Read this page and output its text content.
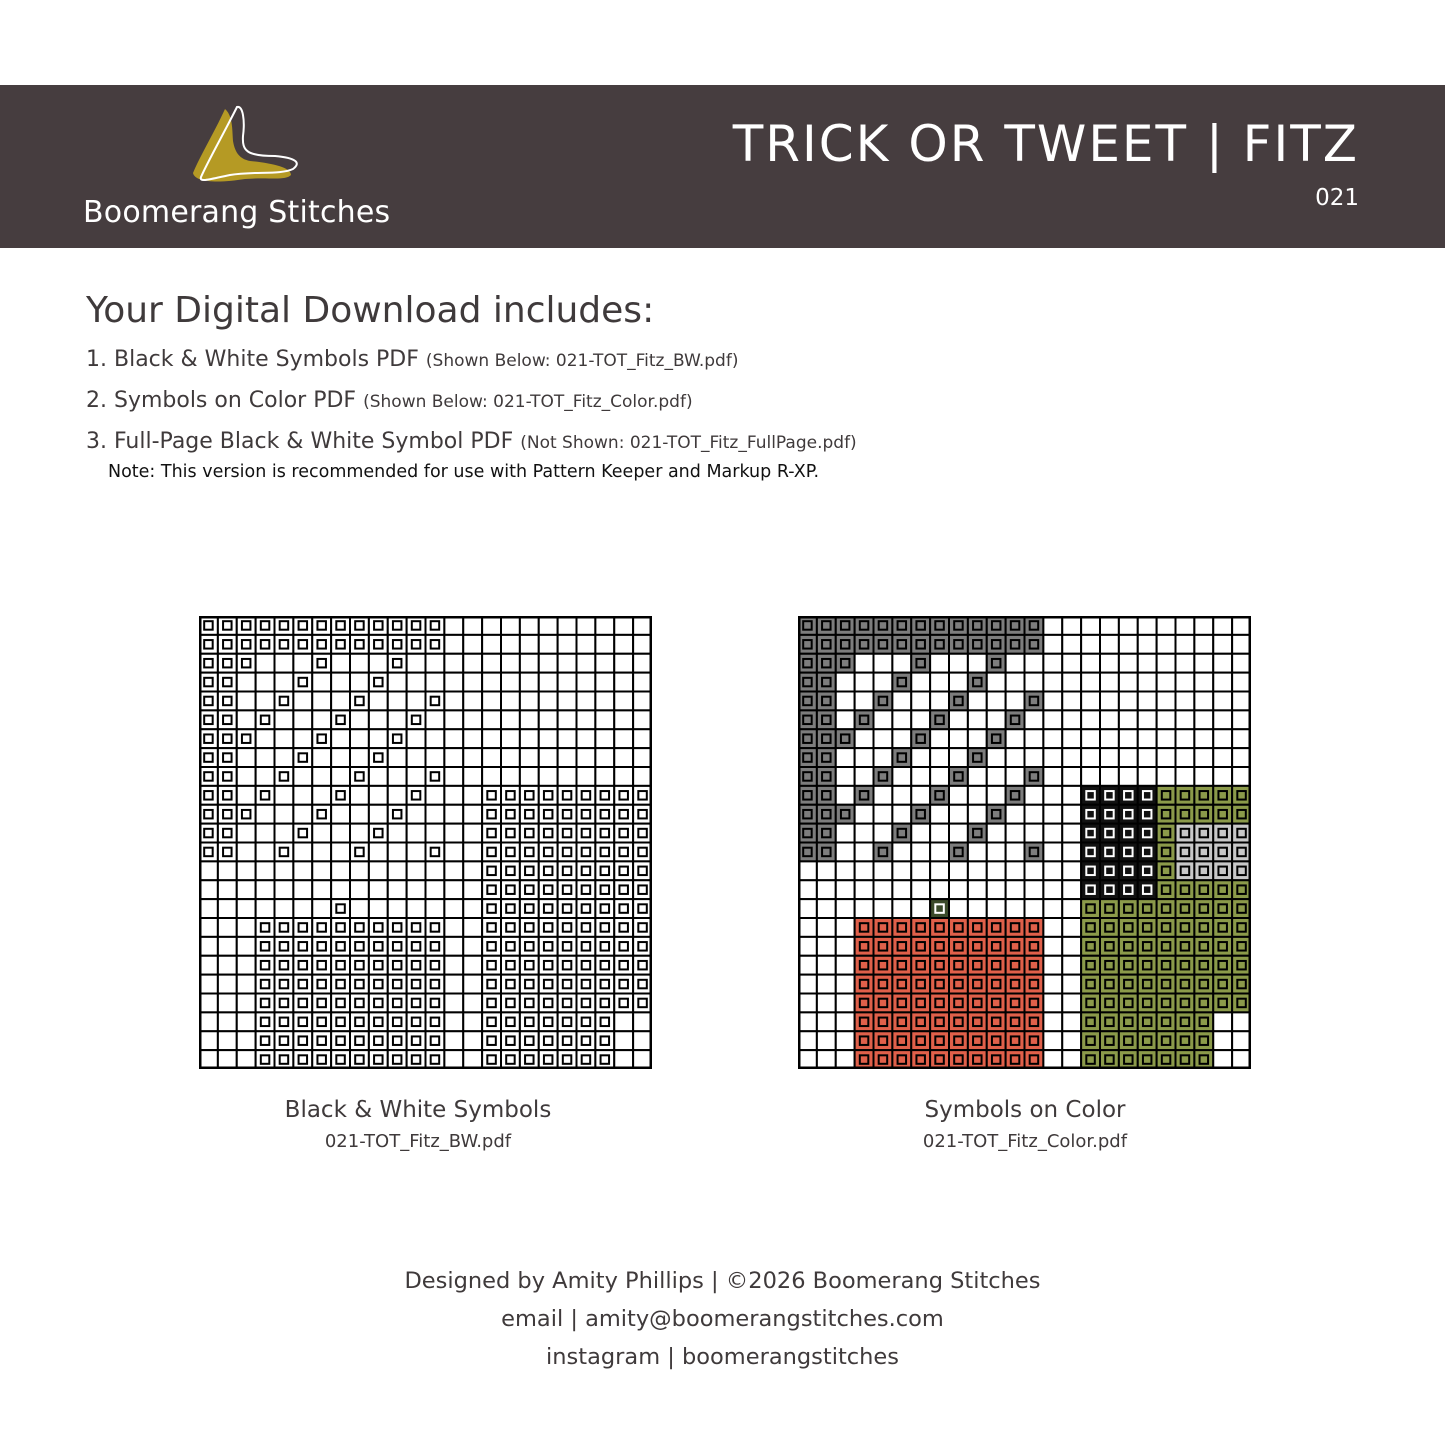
Boomerang Stitches
TRICK OR TWEET | FITZ
021
Your Digital Download includes:
1. Black & White Symbols PDF (Shown Below: 021-TOT_Fitz_BW.pdf)
2. Symbols on Color PDF (Shown Below: 021-TOT_Fitz_Color.pdf)
3. Full-Page Black & White Symbol PDF (Not Shown: 021-TOT_Fitz_FullPage.pdf)
Note: This version is recommended for use with Pattern Keeper and Markup R-XP.
Black & White Symbols
021-TOT_Fitz_BW.pdf
Symbols on Color
021-TOT_Fitz_Color.pdf
Designed by Amity Phillips | ©2026 Boomerang Stitches
email | amity@boomerangstitches.com
instagram | boomerangstitches
